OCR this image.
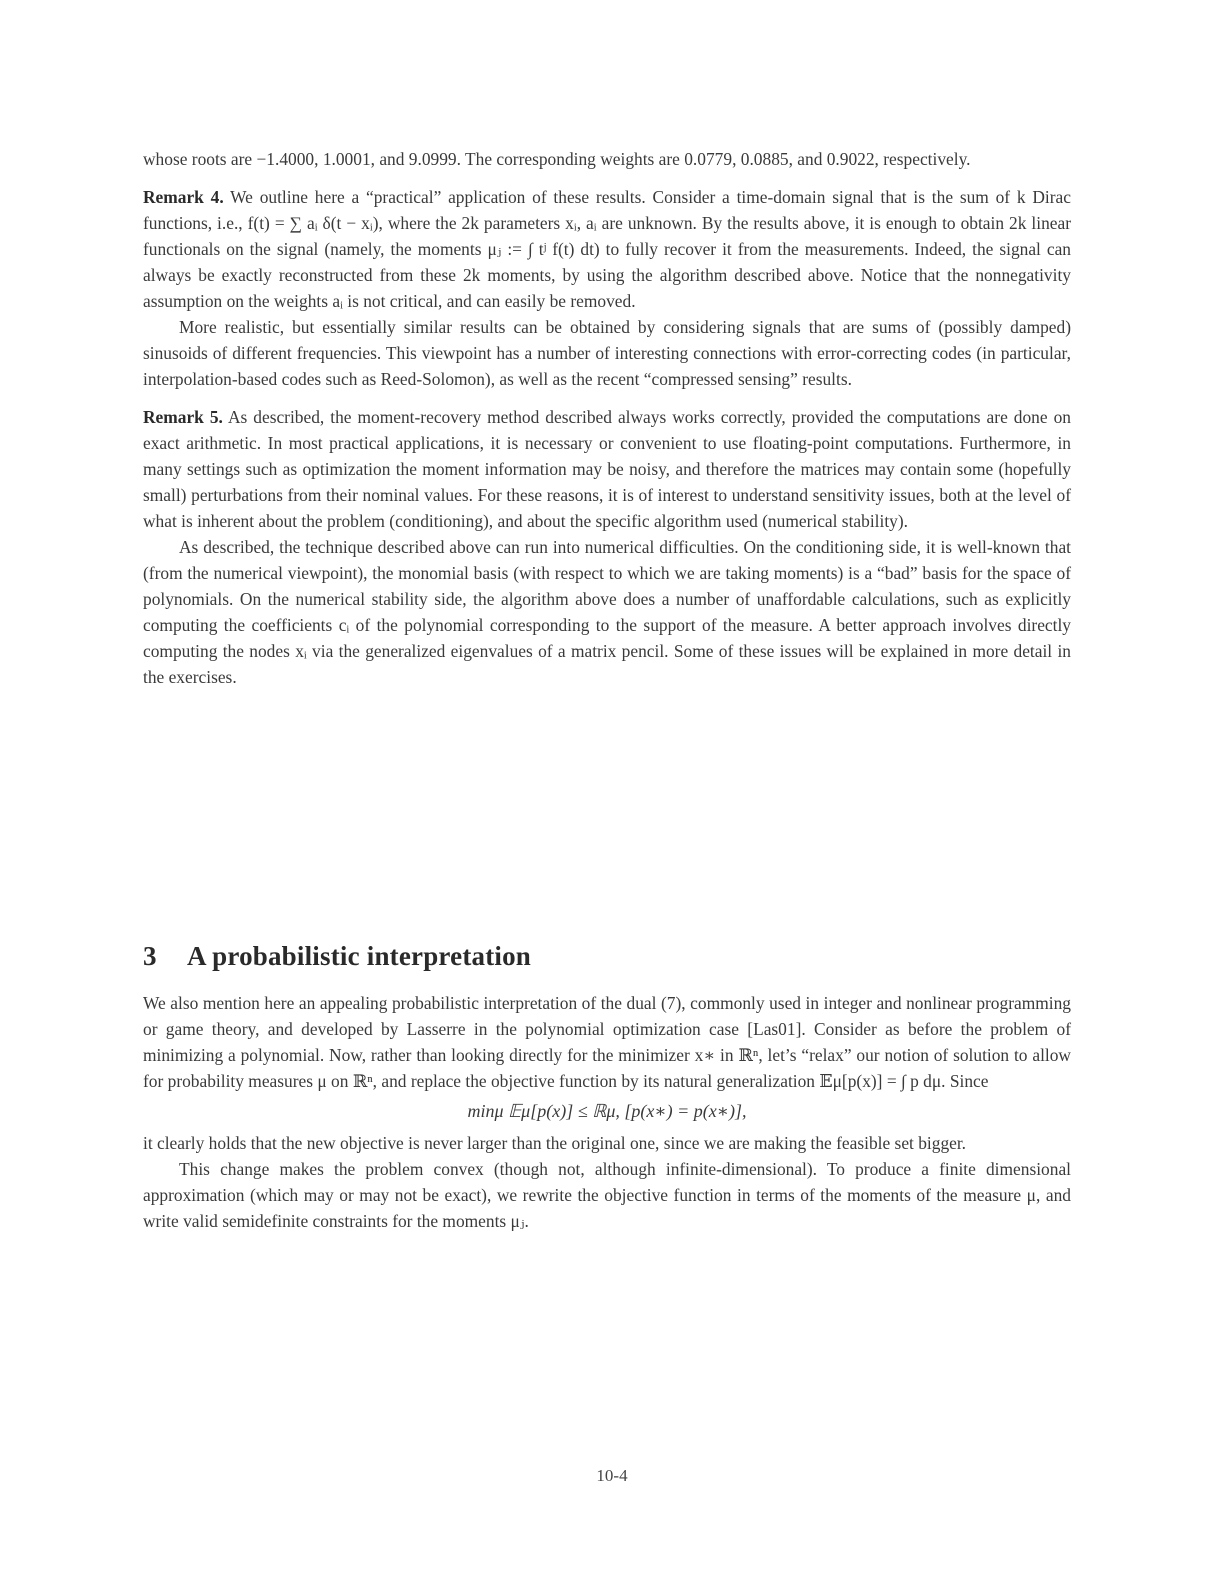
whose roots are −1.4000, 1.0001, and 9.0999. The corresponding weights are 0.0779, 0.0885, and 0.9022, respectively.

Remark 4. We outline here a “practical” application of these results. Consider a time-domain signal that is the sum of k Dirac functions, i.e., f(t) = ∑ aᵢ δ(t − xᵢ), where the 2k parameters xᵢ, aᵢ are unknown. By the results above, it is enough to obtain 2k linear functionals on the signal (namely, the moments μⱼ := ∫ tʲ f(t) dt) to fully recover it from the measurements. Indeed, the signal can always be exactly reconstructed from these 2k moments, by using the algorithm described above. Notice that the nonnegativity assumption on the weights aᵢ is not critical, and can easily be removed.

More realistic, but essentially similar results can be obtained by considering signals that are sums of (possibly damped) sinusoids of different frequencies. This viewpoint has a number of interesting connections with error-correcting codes (in particular, interpolation-based codes such as Reed-Solomon), as well as the recent “compressed sensing” results.

Remark 5. As described, the moment-recovery method described always works correctly, provided the computations are done on exact arithmetic. In most practical applications, it is necessary or convenient to use floating-point computations. Furthermore, in many settings such as optimization the moment information may be noisy, and therefore the matrices may contain some (hopefully small) perturbations from their nominal values. For these reasons, it is of interest to understand sensitivity issues, both at the level of what is inherent about the problem (conditioning), and about the specific algorithm used (numerical stability).

As described, the technique described above can run into numerical difficulties. On the conditioning side, it is well-known that (from the numerical viewpoint), the monomial basis (with respect to which we are taking moments) is a “bad” basis for the space of polynomials. On the numerical stability side, the algorithm above does a number of unaffordable calculations, such as explicitly computing the coefficients cᵢ of the polynomial corresponding to the support of the measure. A better approach involves directly computing the nodes xᵢ via the generalized eigenvalues of a matrix pencil. Some of these issues will be explained in more detail in the exercises.

3 A probabilistic interpretation

We also mention here an appealing probabilistic interpretation of the dual (7), commonly used in integer and nonlinear programming or game theory, and developed by Lasserre in the polynomial optimization case [Las01]. Consider as before the problem of minimizing a polynomial. Now, rather than looking directly for the minimizer x∗ in ℝⁿ, let’s “relax” our notion of solution to allow for probability measures μ on ℝⁿ, and replace the objective function by its natural generalization 𝔼μ[p(x)] = ∫ p dμ. Since

minμ 𝔼μ[p(x)] ≤ ℝμ, [p(x∗) = p(x∗)],

it clearly holds that the new objective is never larger than the original one, since we are making the feasible set bigger.

This change makes the problem convex (though not, although infinite-dimensional). To produce a finite dimensional approximation (which may or may not be exact), we rewrite the objective function in terms of the moments of the measure μ, and write valid semidefinite constraints for the moments μⱼ.

10-4
